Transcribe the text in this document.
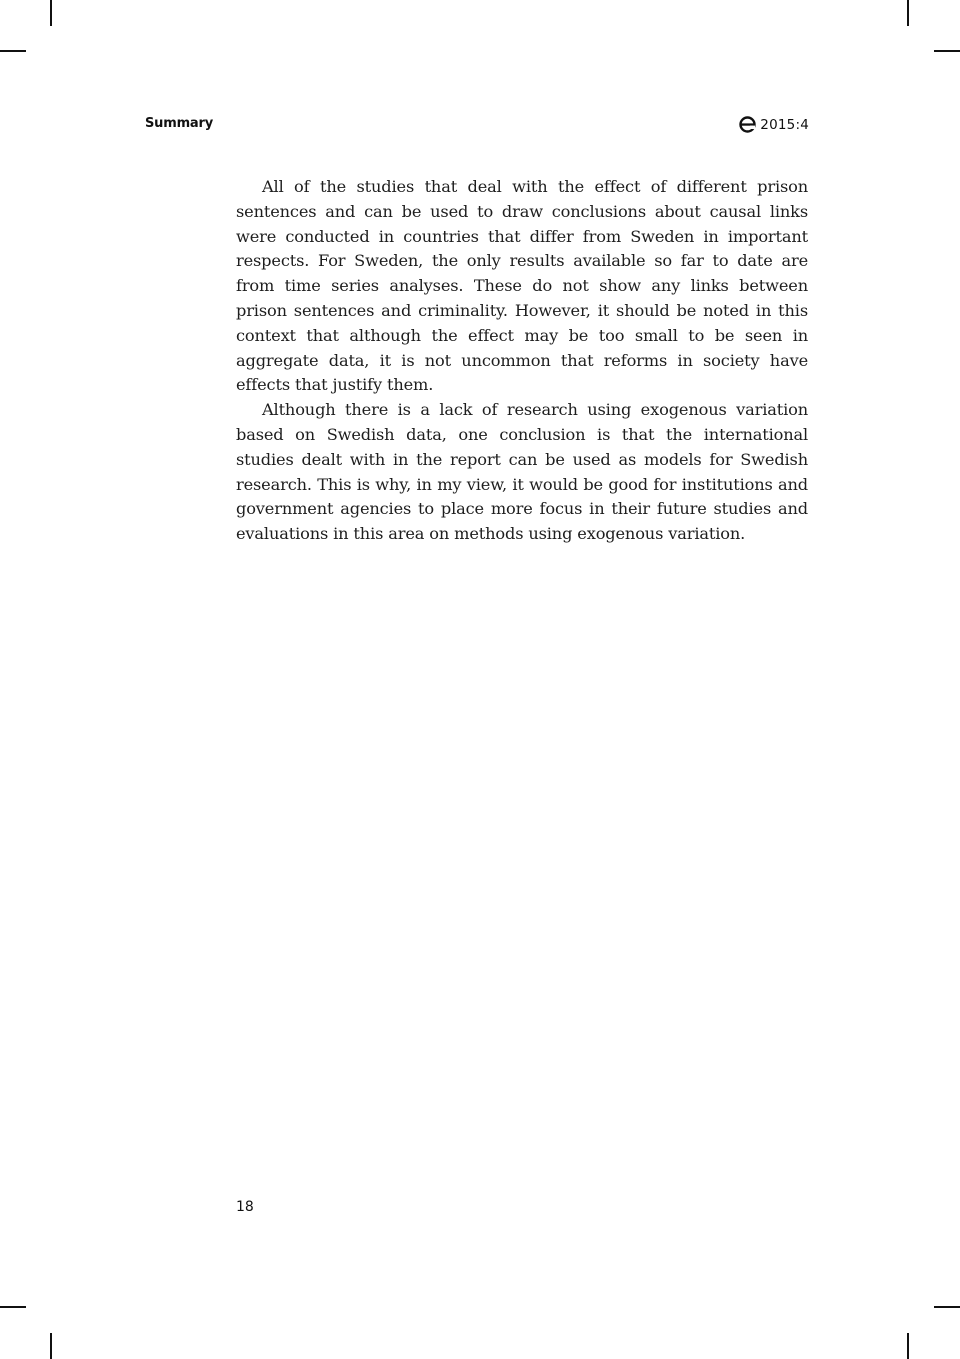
Summary	2015:4

All of the studies that deal with the effect of different prison sentences and can be used to draw conclusions about causal links were conducted in countries that differ from Sweden in important respects. For Sweden, the only results available so far to date are from time series analyses. These do not show any links between prison sentences and criminality. However, it should be noted in this context that although the effect may be too small to be seen in aggregate data, it is not uncommon that reforms in society have effects that justify them.

Although there is a lack of research using exogenous variation based on Swedish data, one conclusion is that the international studies dealt with in the report can be used as models for Swedish research. This is why, in my view, it would be good for institutions and government agencies to place more focus in their future studies and evaluations in this area on methods using exogenous variation.

18
